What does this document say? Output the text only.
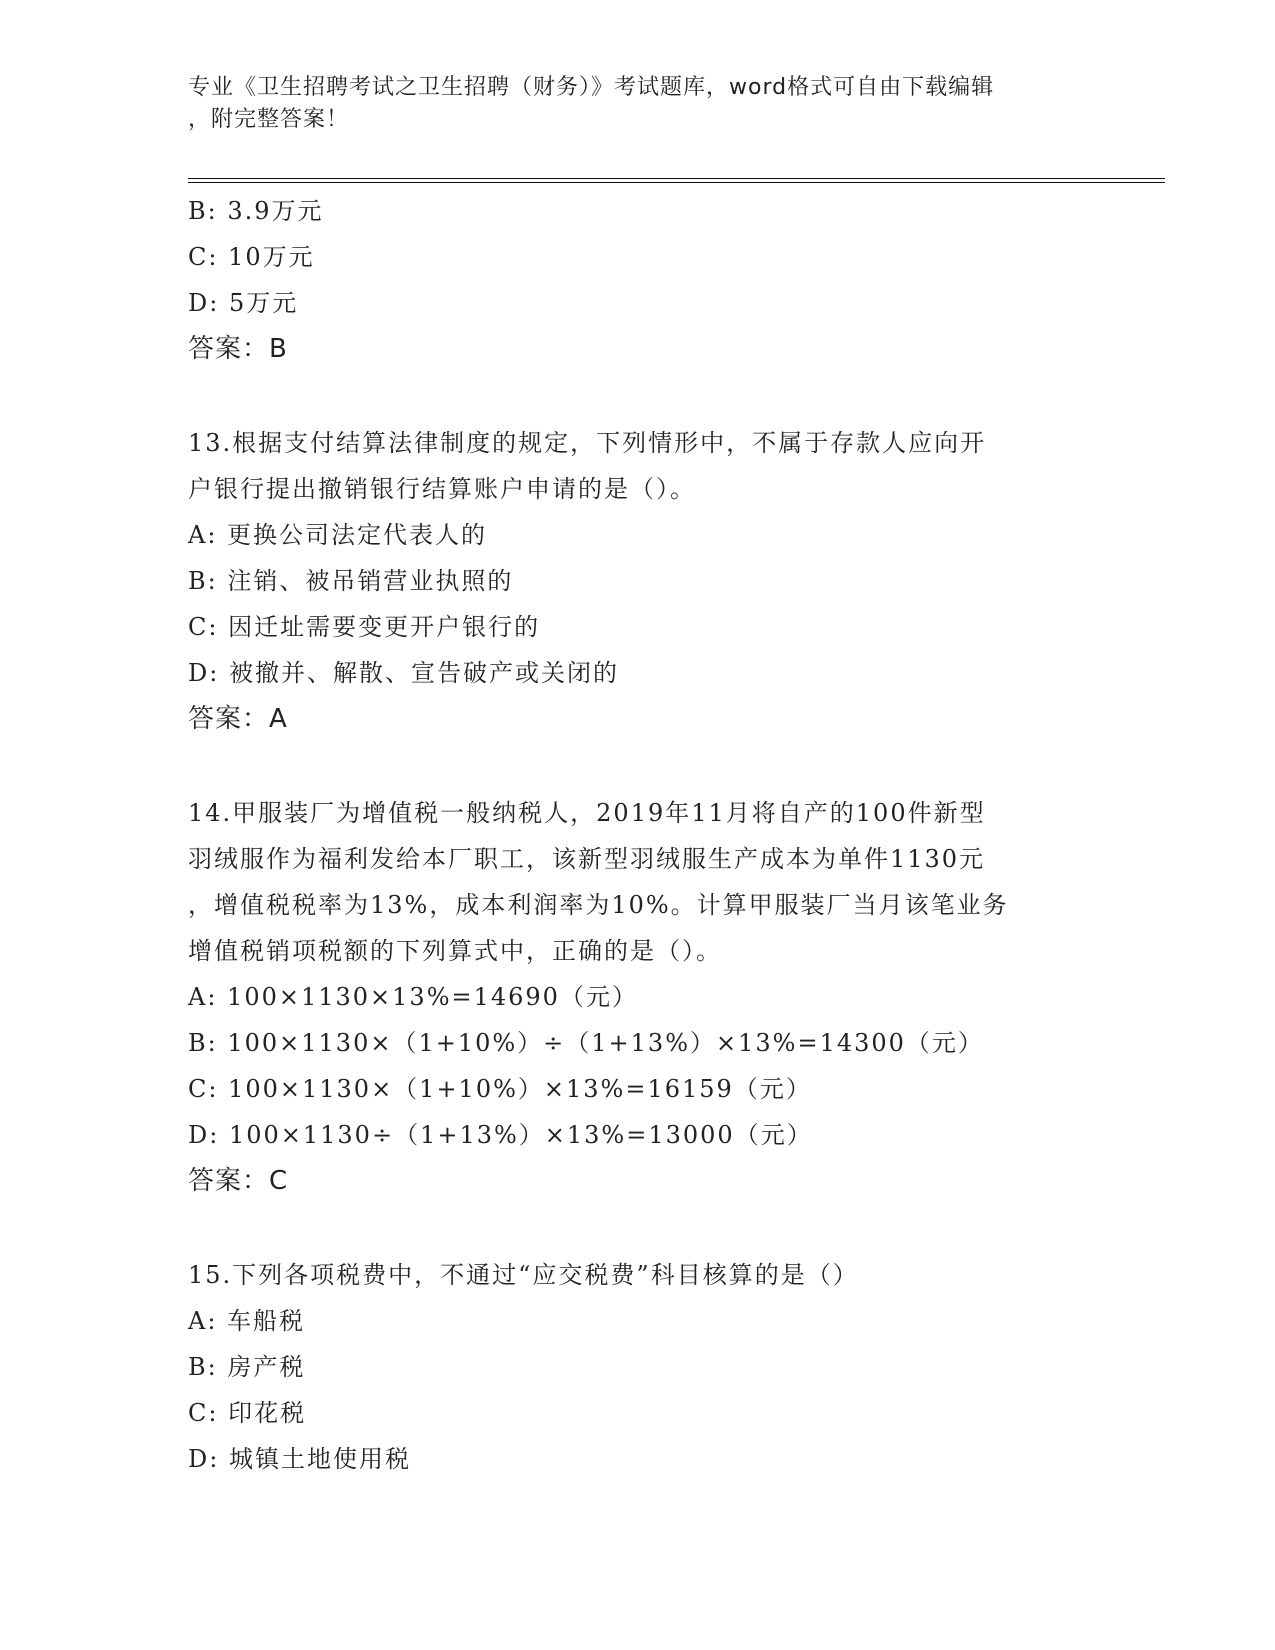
专业《卫生招聘考试之卫生招聘（财务）》考试题库，word格式可自由下载编辑
，附完整答案！
B: 3.9万元
C: 10万元
D: 5万元
答案：B
13.根据支付结算法律制度的规定，下列情形中，不属于存款人应向开
户银行提出撤销银行结算账户申请的是（）。
A: 更换公司法定代表人的
B: 注销、被吊销营业执照的
C: 因迁址需要变更开户银行的
D: 被撤并、解散、宣告破产或关闭的
答案：A
14.甲服装厂为增值税一般纳税人，2019年11月将自产的100件新型
羽绒服作为福利发给本厂职工，该新型羽绒服生产成本为单件1130元
，增值税税率为13%，成本利润率为10%。计算甲服装厂当月该笔业务
增值税销项税额的下列算式中，正确的是（）。
A: 100×1130×13%=14690（元）
B: 100×1130×（1+10%）÷（1+13%）×13%=14300（元）
C: 100×1130×（1+10%）×13%=16159（元）
D: 100×1130÷（1+13%）×13%=13000（元）
答案：C
15.下列各项税费中，不通过“应交税费”科目核算的是（）
A: 车船税
B: 房产税
C: 印花税
D: 城镇土地使用税
